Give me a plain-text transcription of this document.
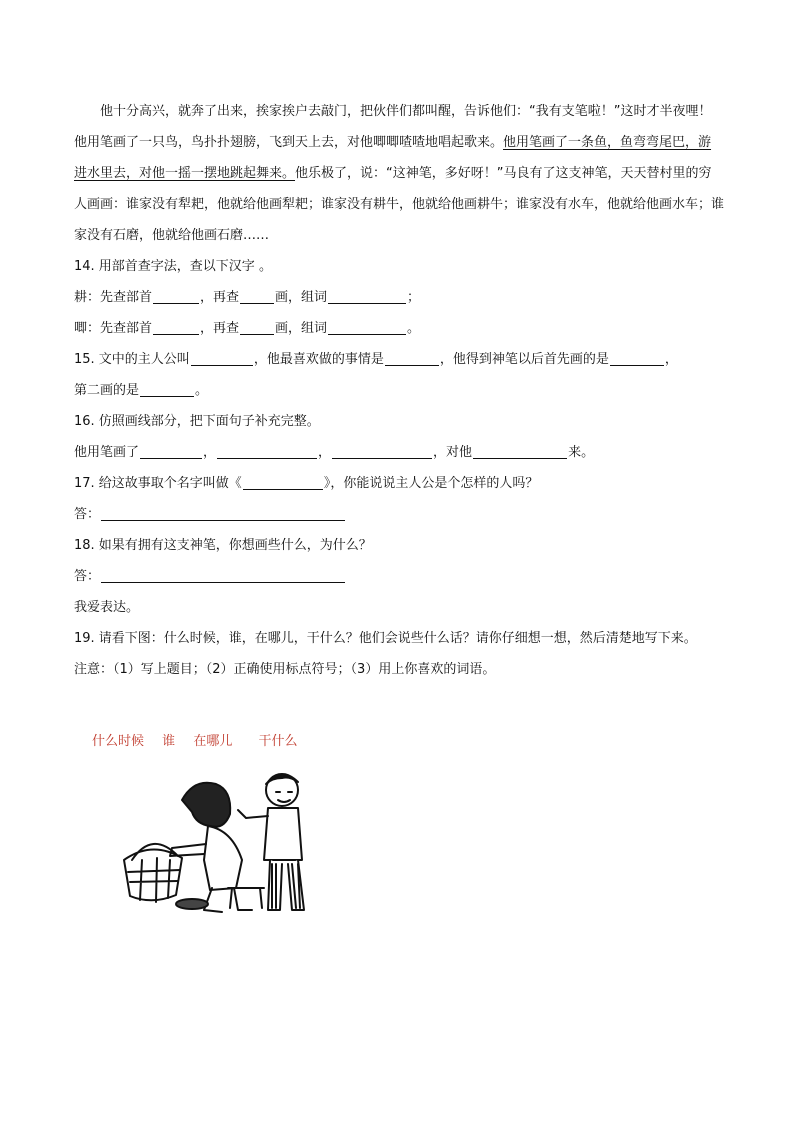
他十分高兴，就奔了出来，挨家挨户去敲门，把伙伴们都叫醒，告诉他们：“我有支笔啦！”这时才半夜哩！他用笔画了一只鸟，鸟扑扑翅膀，飞到天上去，对他唧唧喳喳地唱起歌来。他用笔画了一条鱼，鱼弯弯尾巴，游进水里去，对他一摇一摆地跳起舞来。他乐极了，说：“这神笔，多好呀！”马良有了这支神笔，天天替村里的穷人画画：谁家没有犁耙，他就给他画犁耙；谁家没有耕牛，他就给他画耕牛；谁家没有水车，他就给他画水车；谁家没有石磨，他就给他画石磨……

14. 用部首查字法，查以下汉字 。
耕：先查部首	，再查	画，组词	；
唧：先查部首	，再查	画，组词	。
15. 文中的主人公叫	，他最喜欢做的事情是	，他得到神笔以后首先画的是	，
第二画的是	。
16. 仿照画线部分，把下面句子补充完整。
他用笔画了	，	，	，对他	来。
17. 给这故事取个名字叫做《	》，你能说说主人公是个怎样的人吗？
答：
18. 如果有拥有这支神笔，你想画些什么，为什么？
答：
我爱表达。
19. 请看下图：什么时候，谁，在哪儿，干什么？他们会说些什么话？请你仔细想一想，然后清楚地写下来。
注意：（1）写上题目；（2）正确使用标点符号；（3）用上你喜欢的词语。
什么时候 谁 在哪儿 干什么
